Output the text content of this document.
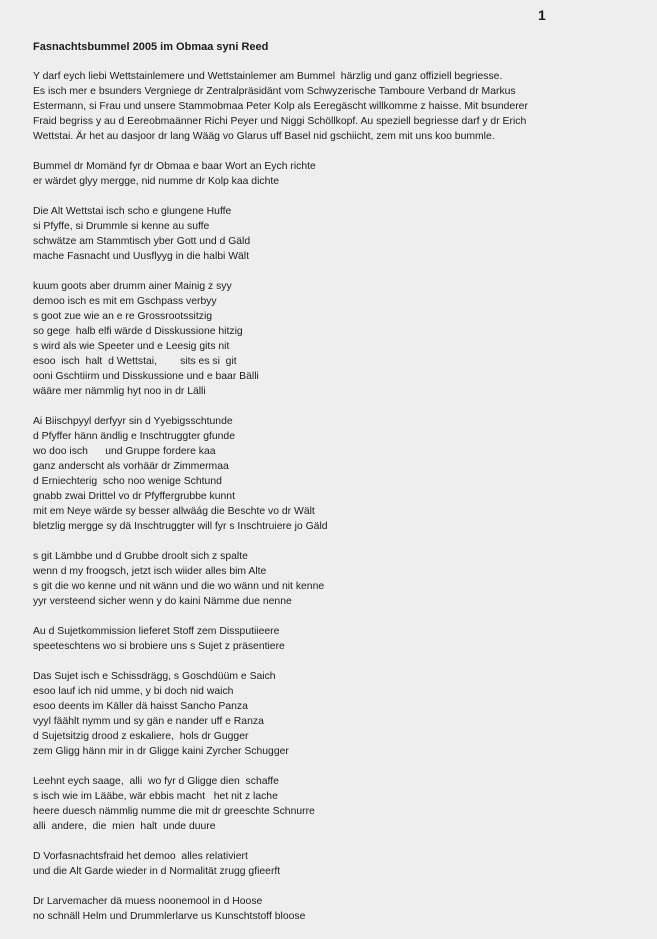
1
Fasnachtsbummel 2005 im Obmaa syni Reed
Y darf eych liebi Wettstainlemere und Wettstainlemer am Bummel  härzlig und ganz offiziell begriesse.
Es isch mer e bsunders Vergniege dr Zentralpräsidänt vom Schwyzerische Tamboure Verband dr Markus
Estermann, si Frau und unsere Stammobmaa Peter Kolp als Eeregäscht willkomme z haisse. Mit bsunderer
Fraid begriss y au d Eereobmaänner Richi Peyer und Niggi Schöllkopf. Au speziell begriesse darf y dr Erich
Wettstai. Är het au dasjoor dr lang Wääg vo Glarus uff Basel nid gschiicht, zem mit uns koo bummle.
Bummel dr Momänd fyr dr Obmaa e baar Wort an Eych richte
er wärdet glyy mergge, nid numme dr Kolp kaa dichte
Die Alt Wettstai isch scho e glungene Huffe
si Pfyffe, si Drummle si kenne au suffe
schwätze am Stammtisch yber Gott und d Gäld
mache Fasnacht und Uusflyyg in die halbi Wält
kuum goots aber drumm ainer Mainig z syy
demoo isch es mit em Gschpass verbyy
s goot zue wie an e re Grossrootssitzig
so gege  halb elfi wärde d Disskussione hitzig
s wird als wie Speeter und e Leesig gits nit
esoo  isch  halt  d Wettstai,        sits es si  git
ooni Gschtiirm und Disskussione und e baar Bälli
wääre mer nämmlig hyt noo in dr Lälli
Ai Biischpyyl derfyyr sin d Yyebigsschtunde
d Pfyffer hänn ändlig e Inschtruggter gfunde
wo doo isch      und Gruppe fordere kaa
ganz anderscht als vorhäär dr Zimmermaa
d Erniechterig  scho noo wenige Schtund
gnabb zwai Drittel vo dr Pfyffergrubbe kunnt
mit em Neye wärde sy besser allwäág die Beschte vo dr Wält
bletzlig mergge sy dä Inschtruggter will fyr s Inschtruiere jo Gäld
s git Lämbbe und d Grubbe droolt sich z spalte
wenn d my froogsch, jetzt isch wiider alles bim Alte
s git die wo kenne und nit wänn und die wo wänn und nit kenne
yyr versteend sicher wenn y do kaini Nämme due nenne
Au d Sujetkommission lieferet Stoff zem Dissputiieere
speeteschtens wo si brobiere uns s Sujet z präsentiere
Das Sujet isch e Schissdrägg, s Goschdüüm e Saich
esoo lauf ich nid umme, y bi doch nid waich
esoo deents im Käller dä haisst Sancho Panza
vyyl fäählt nymm und sy gän e nander uff e Ranza
d Sujetsitzig drood z eskaliere,  hols dr Gugger
zem Gligg hänn mir in dr Gligge kaini Zyrcher Schugger
Leehnt eych saage,  alli  wo fyr d Gligge dien  schaffe
s isch wie im Lääbe, wär ebbis macht   het nit z lache
heere duesch nämmlig numme die mit dr greeschte Schnurre
alli  andere,  die  mien  halt  unde duure
D Vorfasnachtsfraid het demoo  alles relativiert
und die Alt Garde wieder in d Normalität zrugg gfieerft
Dr Larvemacher dä muess noonemool in d Hoose
no schnäll Helm und Drummlerlarve us Kunschtstoff bloose
